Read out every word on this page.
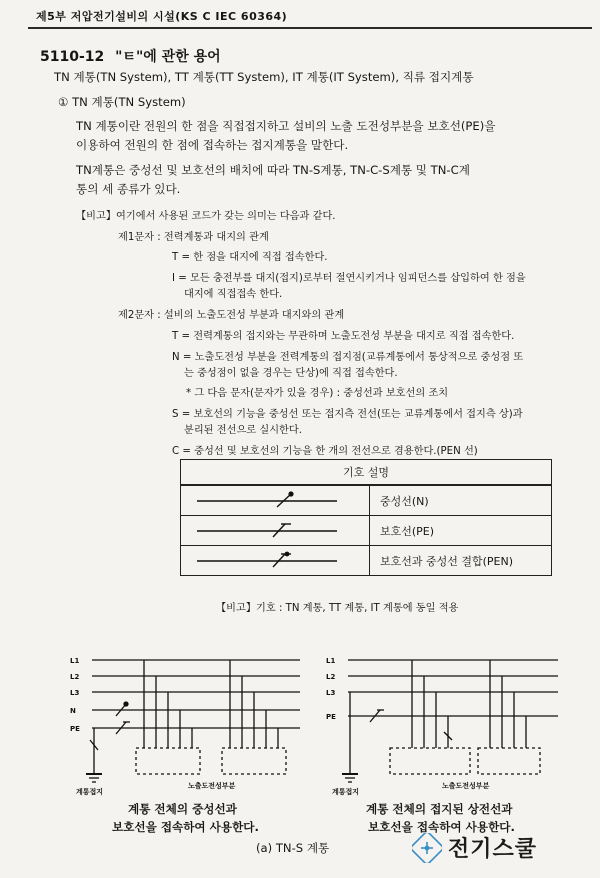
제5부 저압전기설비의 시설(KS C IEC 60364)
5110-12 "ㅌ"에 관한 용어
TN 계통(TN System), TT 계통(TT System), IT 계통(IT System), 직류 접지계통
① TN 계통(TN System)
TN 계통이란 전원의 한 점을 직접접지하고 설비의 노출 도전성부분을 보호선(PE)을
이용하여 전원의 한 점에 접속하는 접지계통을 말한다.
TN계통은 중성선 및 보호선의 배치에 따라 TN-S계통, TN-C-S계통 및 TN-C계
통의 세 종류가 있다.
【비고】여기에서 사용된 코드가 갖는 의미는 다음과 같다.
제1문자 : 전력계통과 대지의 관계
T = 한 점을 대지에 직접 접속한다.
I = 모든 충전부를 대지(접지)로부터 절연시키거나 임피던스를 삽입하여 한 점을
대지에 직접접속 한다.
제2문자 : 설비의 노출도전성 부분과 대지와의 관계
T = 전력계통의 접지와는 무관하며 노출도전성 부분을 대지로 직접 접속한다.
N = 노출도전성 부분을 전력계통의 접지점(교류계통에서 통상적으로 중성점 또
는 중성점이 없을 경우는 단상)에 직접 접속한다.
* 그 다음 문자(문자가 있을 경우) : 중성선과 보호선의 조치
S = 보호선의 기능을 중성선 또는 접지측 전선(또는 교류계통에서 접지측 상)과
분리된 전선으로 실시한다.
C = 중성선 및 보호선의 기능을 한 개의 전선으로 겸용한다.(PEN 선)
기호 설명	
	중성선(N)
	보호선(PE)
	보호선과 중성선 결합(PEN)
【비고】기호 : TN 계통, TT 계통, IT 계통에 동일 적용
L1
L2
L3
N
PE
계통접지
노출도전성부분
계통 전체의 중성선과
보호선을 접속하여 사용한다.
L1
L2
L3
PE
계통접지
노출도전성부분
계통 전체의 접지된 상전선과
보호선을 접속하여 사용한다.
(a) TN-S 계통	전기스쿨
